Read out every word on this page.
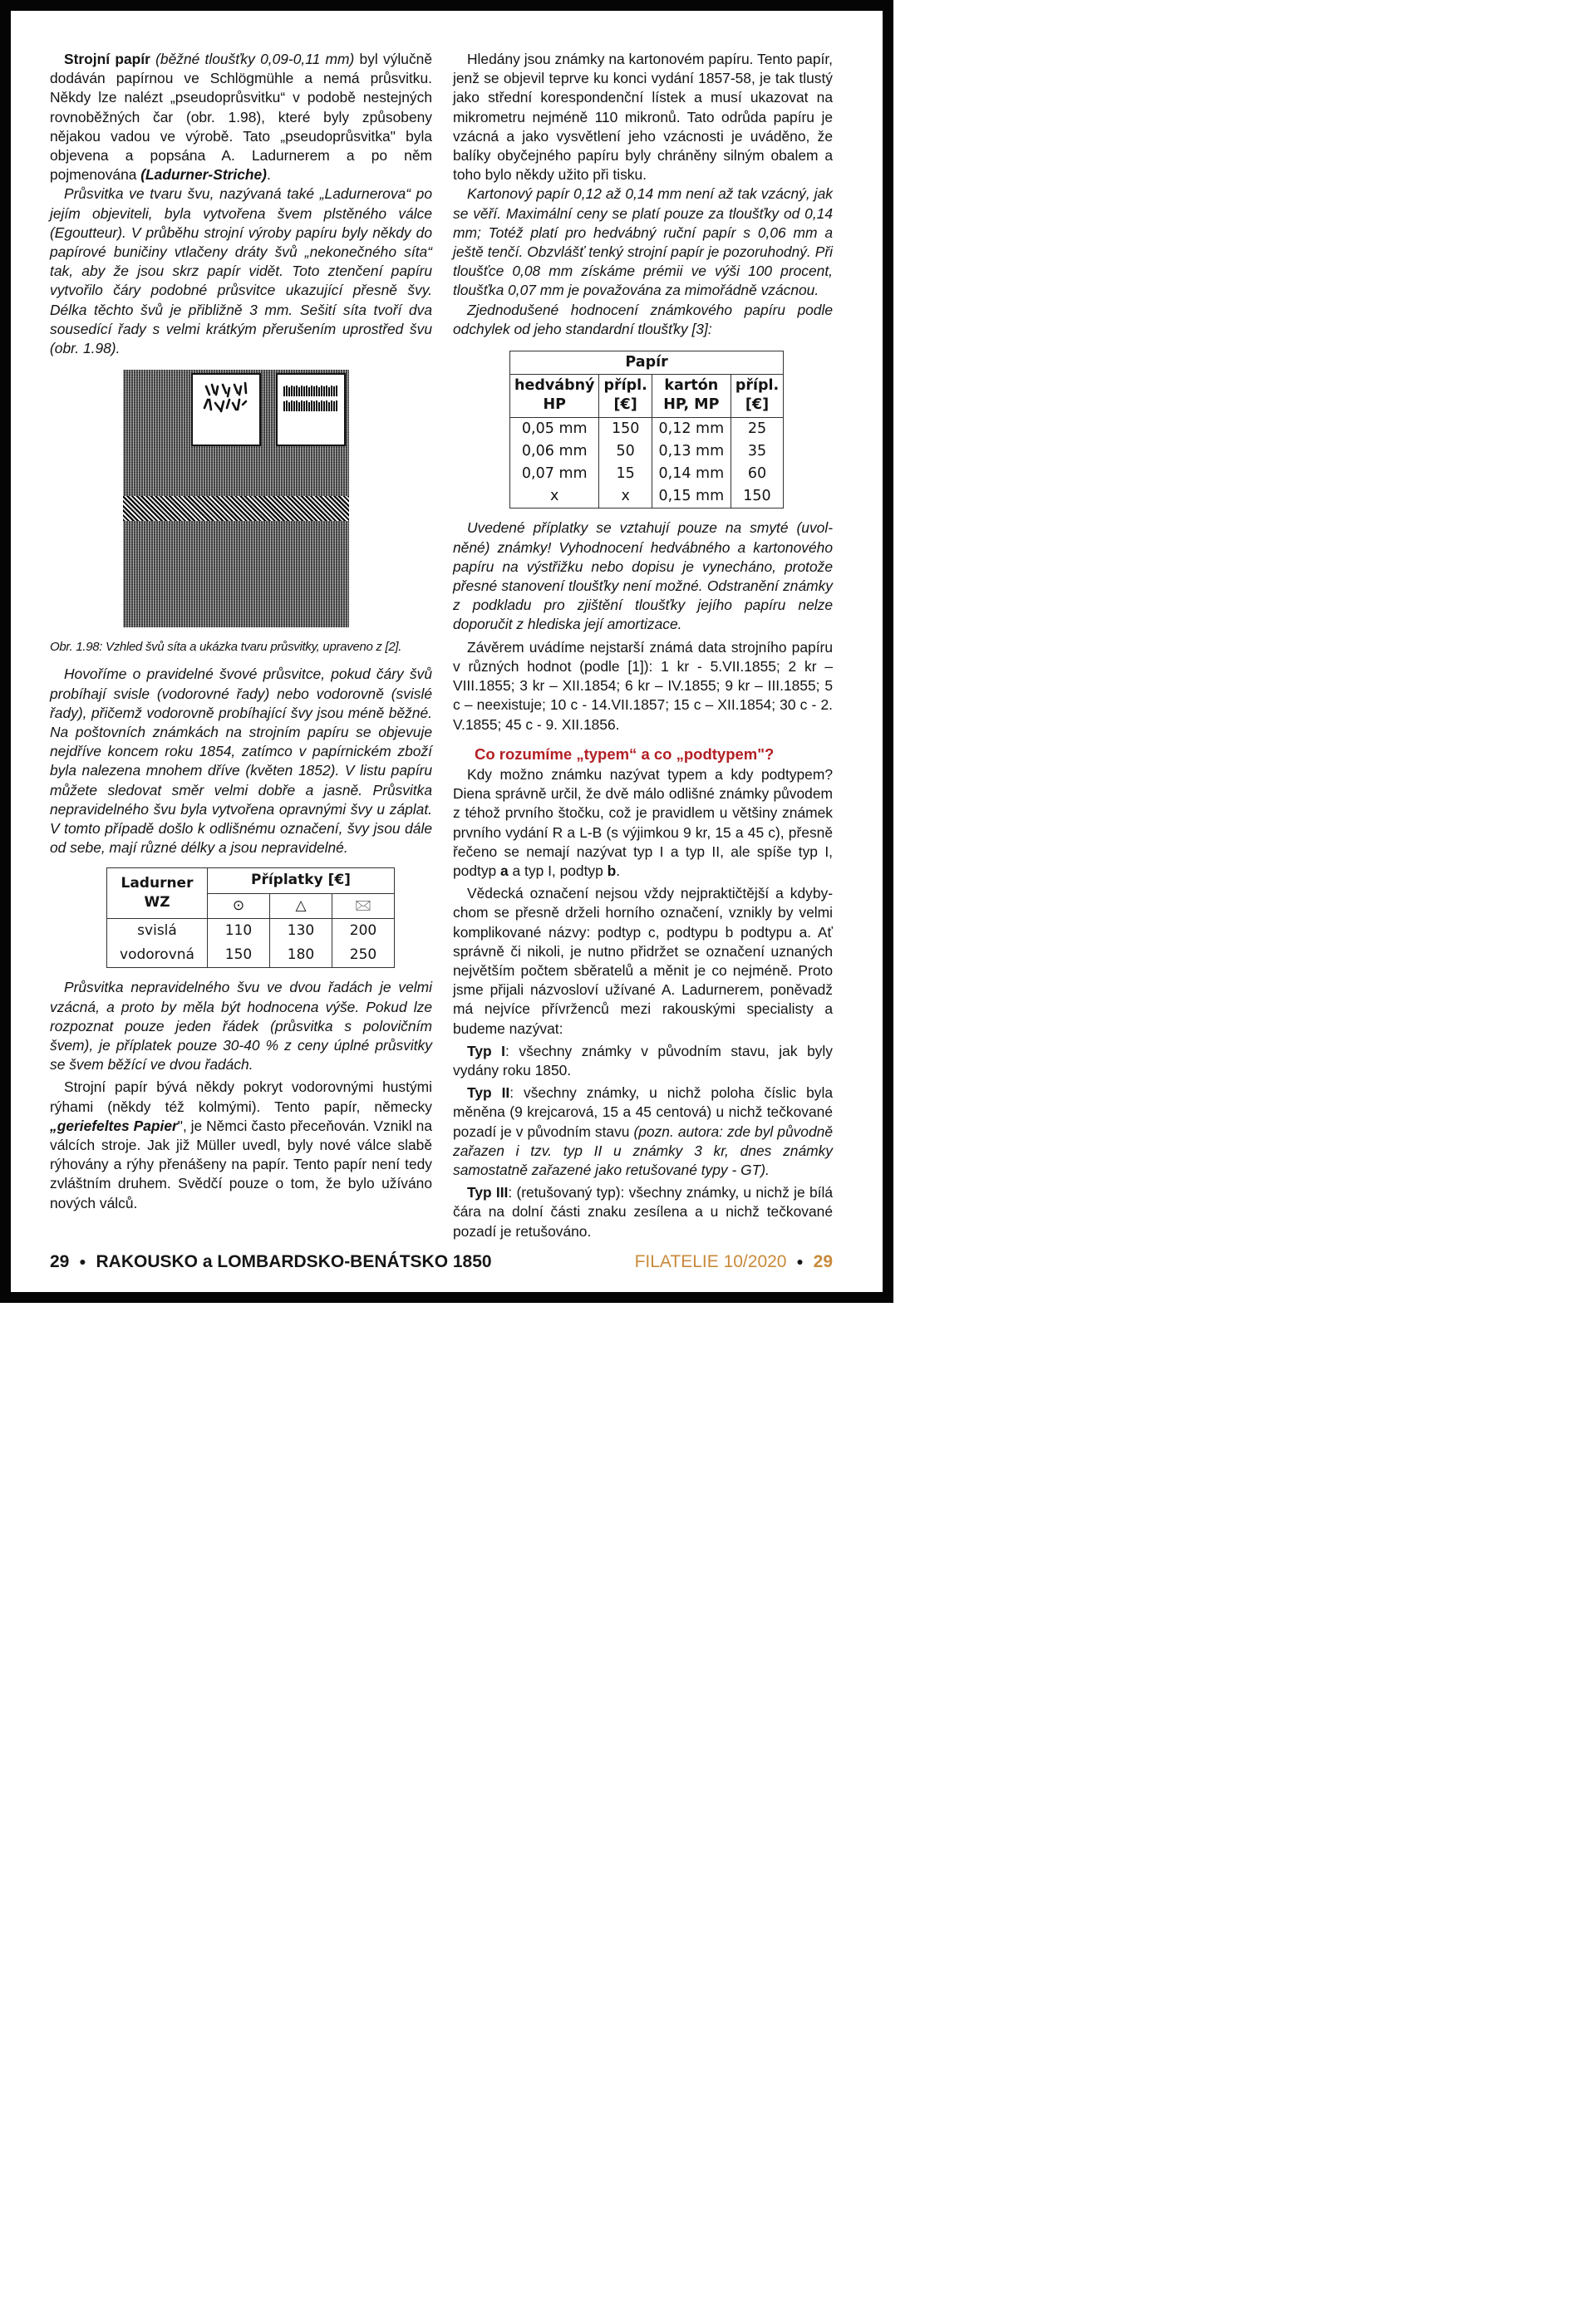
Strojní papír (běžné tloušťky 0,09-0,11 mm) byl výlučně dodáván papírnou ve Schlögmühle a nemá průsvitku. Někdy lze nalézt „pseudoprůsvitku“ v podobě nestejných rovnoběžných čar (obr. 1.98), které byly způsobeny nějakou vadou ve výrobě. Tato „pseudoprůsvitka" byla objevena a popsána A. Ladurnerem a po něm pojmenována (Ladurner-Striche).

Průsvitka ve tvaru švu, nazývaná také „Ladurnerova“ po jejím objeviteli, byla vytvořena švem plstěného válce (Egoutteur). V průběhu strojní výroby papíru byly někdy do papírové buničiny vtlačeny dráty švů „nekonečného síta“ tak, aby že jsou skrz papír vidět. Toto ztenčení papíru vytvořilo čáry podobné průsvitce ukazující přesně švy. Délka těchto švů je přibližně 3 mm. Sešití síta tvoří dva sousedící řady s velmi krátkým přerušením uprostřed švu (obr. 1.98).

Obr. 1.98: Vzhled švů síta a ukázka tvaru průsvitky, upraveno z [2].

Hovoříme o pravidelné švové průsvitce, pokud čáry švů probíhají svisle (vodorovné řady) nebo vodorovně (svislé řady), přičemž vodorovně probíhající švy jsou méně běžné. Na poštovních známkách na strojním papíru se objevuje nejdříve koncem roku 1854, zatímco v papírnickém zboží byla nalezena mnohem dříve (květen 1852). V listu papíru můžete sledovat směr velmi dobře a jasně. Průsvitka nepravidelného švu byla vytvořena opravnými švy u záplat. V tomto případě došlo k odlišnému označení, švy jsou dále od sebe, mají různé délky a jsou nepravidelné.

Ladurner WZ	Příplatky [€]		
	⊙	△	🖂
svislá	110	130	200
vodorovná	150	180	250

Průsvitka nepravidelného švu ve dvou řadách je velmi vzácná, a proto by měla být hodnocena výše. Pokud lze rozpoznat pouze jeden řádek (průsvitka s polovičním švem), je příplatek pouze 30-40 % z ceny úplné průsvitky se švem běžící ve dvou řadách.

Strojní papír bývá někdy pokryt vodorovnými hustými rýhami (někdy též kolmými). Tento papír, německy „geriefeltes Papier", je Němci často přeceňován. Vznikl na válcích stroje. Jak již Müller uvedl, byly nové válce slabě rýhovány a rýhy přenášeny na papír. Tento papír není tedy zvláštním druhem. Svědčí pouze o tom, že bylo užíváno nových válců.

Hledány jsou známky na kartonovém papíru. Tento papír, jenž se objevil teprve ku konci vydání 1857-58, je tak tlustý jako střední korespondenční lístek a musí ukazovat na mikrometru nejméně 110 mikronů. Tato odrůda papíru je vzácná a jako vysvětlení jeho vzácnosti je uváděno, že balíky obyčejného papíru byly chráněny silným obalem a toho bylo někdy užito při tisku.

Kartonový papír 0,12 až 0,14 mm není až tak vzácný, jak se věří. Maximální ceny se platí pouze za tloušťky od 0,14 mm; Totéž platí pro hedvábný ruční papír s 0,06 mm a ještě tenčí. Obzvlášť tenký strojní papír je pozoruhodný. Při tloušťce 0,08 mm získáme prémii ve výši 100 procent, tloušťka 0,07 mm je považována za mimořádně vzácnou.

Zjednodušené hodnocení známkového papíru podle odchylek od jeho standardní tloušťky [3]:

Papír			
hedvábný HP	přípl. [€]	kartón HP, MP	přípl. [€]
0,05 mm	150	0,12 mm	25
0,06 mm	50	0,13 mm	35
0,07 mm	15	0,14 mm	60
x	x	0,15 mm	150

Uvedené příplatky se vztahují pouze na smyté (uvolněné) známky! Vyhodnocení hedvábného a kartonového papíru na výstřižku nebo dopisu je vynecháno, protože přesné stanovení tloušťky není možné. Odstranění známky z podkladu pro zjištění tloušťky jejího papíru nelze doporučit z hlediska její amortizace.

Závěrem uvádíme nejstarší známá data strojního papíru v různých hodnot (podle [1]): 1 kr - 5.VII.1855; 2 kr – VIII.1855; 3 kr – XII.1854; 6 kr – IV.1855; 9 kr – III.1855; 5 c – neexistuje; 10 c - 14.VII.1857; 15 c – XII.1854; 30 c - 2. V.1855; 45 c - 9. XII.1856.

Co rozumíme „typem“ a co „podtypem"?

Kdy možno známku nazývat typem a kdy podtypem? Diena správně určil, že dvě málo odlišné známky původem z téhož prvního štočku, což je pravidlem u většiny známek prvního vydání R a L-B (s výjimkou 9 kr, 15 a 45 c), přesně řečeno se nemají nazývat typ I a typ II, ale spíše typ I, podtyp a a typ I, podtyp b.

Vědecká označení nejsou vždy nejpraktičtější a kdybychom se přesně drželi horního označení, vznikly by velmi komplikované názvy: podtyp c, podtypu b podtypu a. Ať správně či nikoli, je nutno přidržet se označení uznaných největším počtem sběratelů a měnit je co nejméně. Proto jsme přijali názvosloví užívané A. Ladurnerem, poněvadž má nejvíce přívrženců mezi rakouskými specialisty a budeme nazývat:

Typ I: všechny známky v původním stavu, jak byly vydány roku 1850.

Typ II: všechny známky, u nichž poloha číslic byla měněna (9 krejcarová, 15 a 45 centová) u nichž tečkované pozadí je v původním stavu (pozn. autora: zde byl původně zařazen i tzv. typ II u známky 3 kr, dnes známky samostatně zařazené jako retušované typy - GT).

Typ III: (retušovaný typ): všechny známky, u nichž je bílá čára na dolní části znaku zesílena a u nichž tečkované pozadí je retušováno.

29 ● RAKOUSKO a LOMBARDSKO-BENÁTSKO 1850	FILATELIE 10/2020 ● 29
